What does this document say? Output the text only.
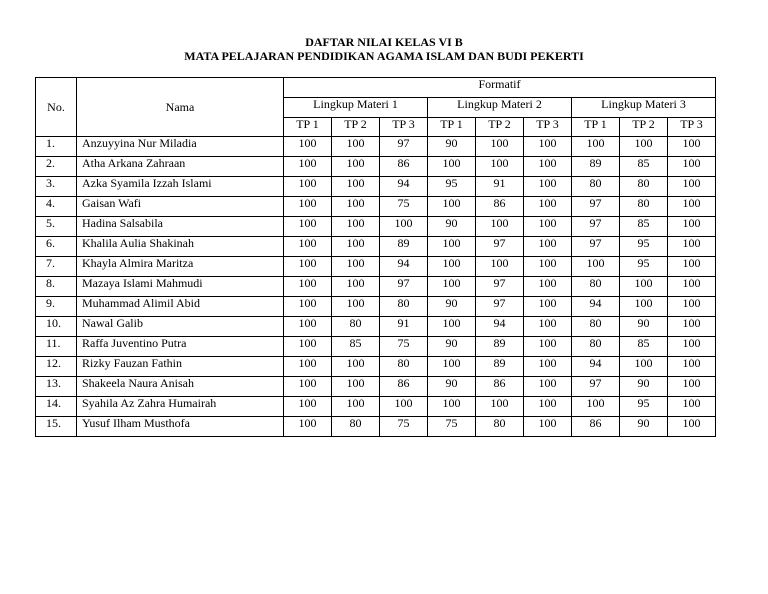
DAFTAR NILAI KELAS VI B
MATA PELAJARAN PENDIDIKAN AGAMA ISLAM DAN BUDI PEKERTI
No.	Nama	Formatif								
		Lingkup Materi 1			Lingkup Materi 2			Lingkup Materi 3		
		TP 1	TP 2	TP 3	TP 1	TP 2	TP 3	TP 1	TP 2	TP 3
1.	Anzuyyina Nur Miladia	100	100	97	90	100	100	100	100	100
2.	Atha Arkana Zahraan	100	100	86	100	100	100	89	85	100
3.	Azka Syamila Izzah Islami	100	100	94	95	91	100	80	80	100
4.	Gaisan Wafi	100	100	75	100	86	100	97	80	100
5.	Hadina Salsabila	100	100	100	90	100	100	97	85	100
6.	Khalila Aulia Shakinah	100	100	89	100	97	100	97	95	100
7.	Khayla Almira Maritza	100	100	94	100	100	100	100	95	100
8.	Mazaya Islami Mahmudi	100	100	97	100	97	100	80	100	100
9.	Muhammad Alimil Abid	100	100	80	90	97	100	94	100	100
10.	Nawal Galib	100	80	91	100	94	100	80	90	100
11.	Raffa Juventino Putra	100	85	75	90	89	100	80	85	100
12.	Rizky Fauzan Fathin	100	100	80	100	89	100	94	100	100
13.	Shakeela Naura Anisah	100	100	86	90	86	100	97	90	100
14.	Syahila Az Zahra Humairah	100	100	100	100	100	100	100	95	100
15.	Yusuf Ilham Musthofa	100	80	75	75	80	100	86	90	100
